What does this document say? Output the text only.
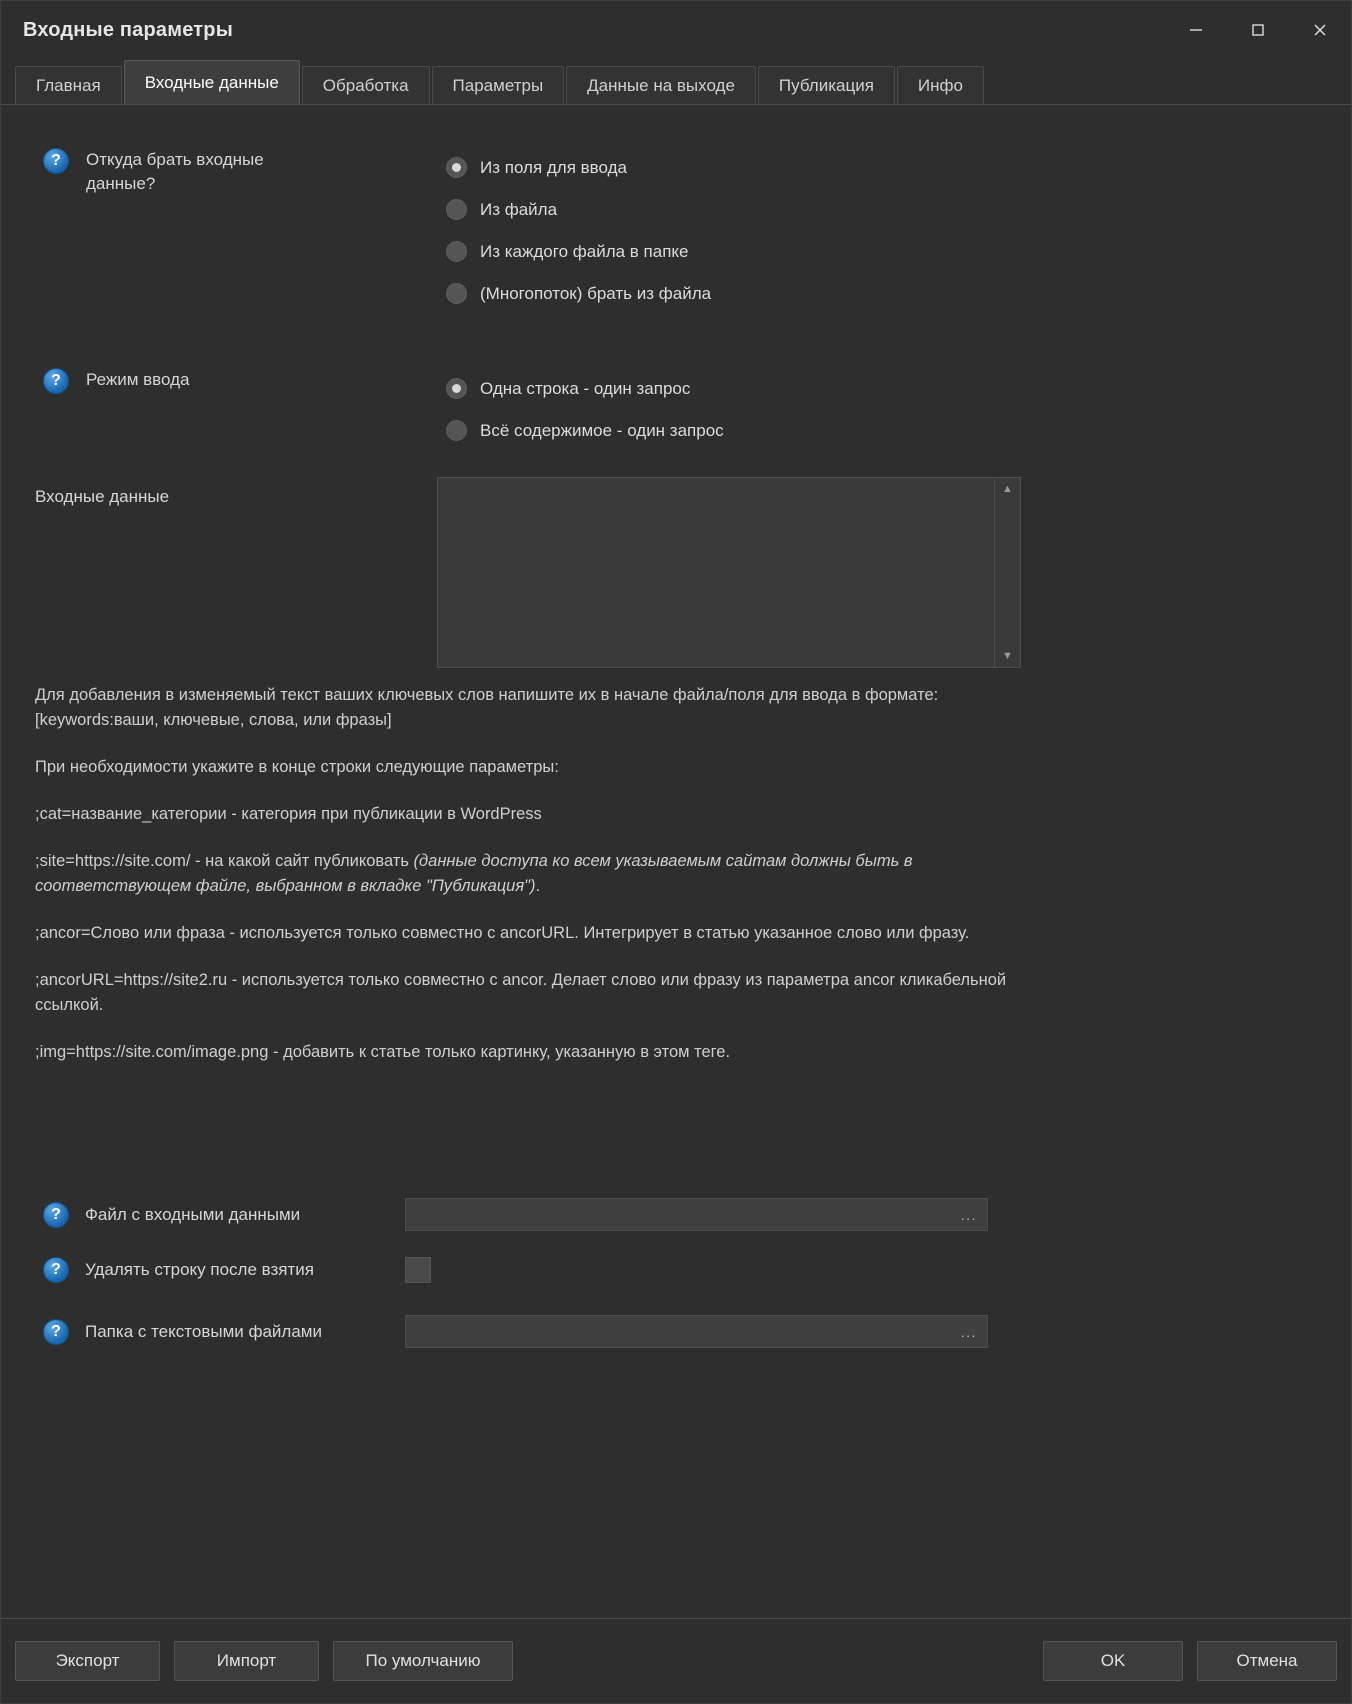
Входные параметры
Главная	Входные данные	Обработка	Параметры	Данные на выходе	Публикация	Инфо
?	Откуда брать входные данные?
Из поля для ввода
Из файла
Из каждого файла в папке
(Многопоток) брать из файла
?	Режим ввода	Одна строка - один запрос
Всё содержимое - один запрос
Входные данные	▲
▼

Для добавления в изменяемый текст ваших ключевых слов напишите их в начале файла/поля для ввода в формате:

[keywords:ваши, ключевые, слова, или фразы]

При необходимости укажите в конце строки следующие параметры:

;cat=название_категории - категория при публикации в WordPress

;site=https://site.com/ - на какой сайт публиковать (данные доступа ко всем указываемым сайтам должны быть в соответствующем файле, выбранном в вкладке "Публикация").

;ancor=Слово или фраза - используется только совместно с ancorURL. Интегрирует в статью указанное слово или фразу.

;ancorURL=https://site2.ru - используется только совместно с ancor. Делает слово или фразу из параметра ancor кликабельной ссылкой.

;img=https://site.com/image.png - добавить к статье только картинку, указанную в этом теге.

?	Файл с входными данными	...
?	Удалять строку после взятия
?	Папка с текстовыми файлами	...
Экспорт	Импорт	По умолчанию	OK	Отмена
